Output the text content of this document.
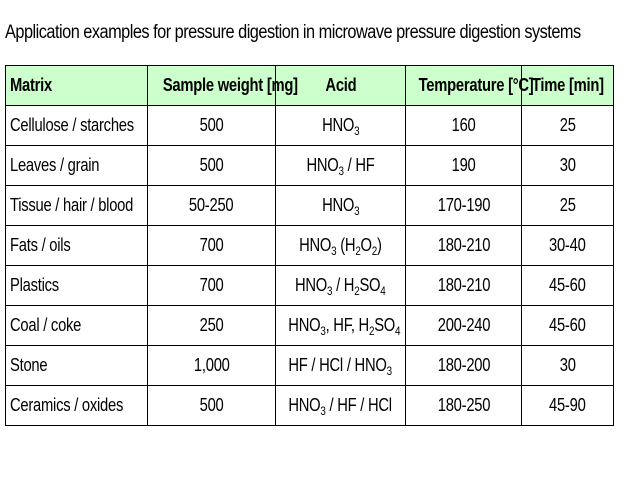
Application examples for pressure digestion in microwave pressure digestion systems
Matrix	Sample weight [mg]	Acid	Temperature [°C]	Time [min]
Cellulose / starches	500	$HNO_3$	160	25
Leaves / grain	500	$HNO_3$ / HF	190	30
Tissue / hair / blood	50-250	$HNO_3$	170-190	25
Fats / oils	700	$HNO_3$ $(H_2O_2)$	180-210	30-40
Plastics	700	$HNO_3 / H_2SO_4$	180-210	45-60
Coal / coke	250	$HNO_3$, HF, $H_2SO_4$	200-240	45-60
Stone	1,000	HF / HCl / $HNO_3$	180-200	30
Ceramics / oxides	500	$HNO_3$ / HF / HCl	180-250	45-90
